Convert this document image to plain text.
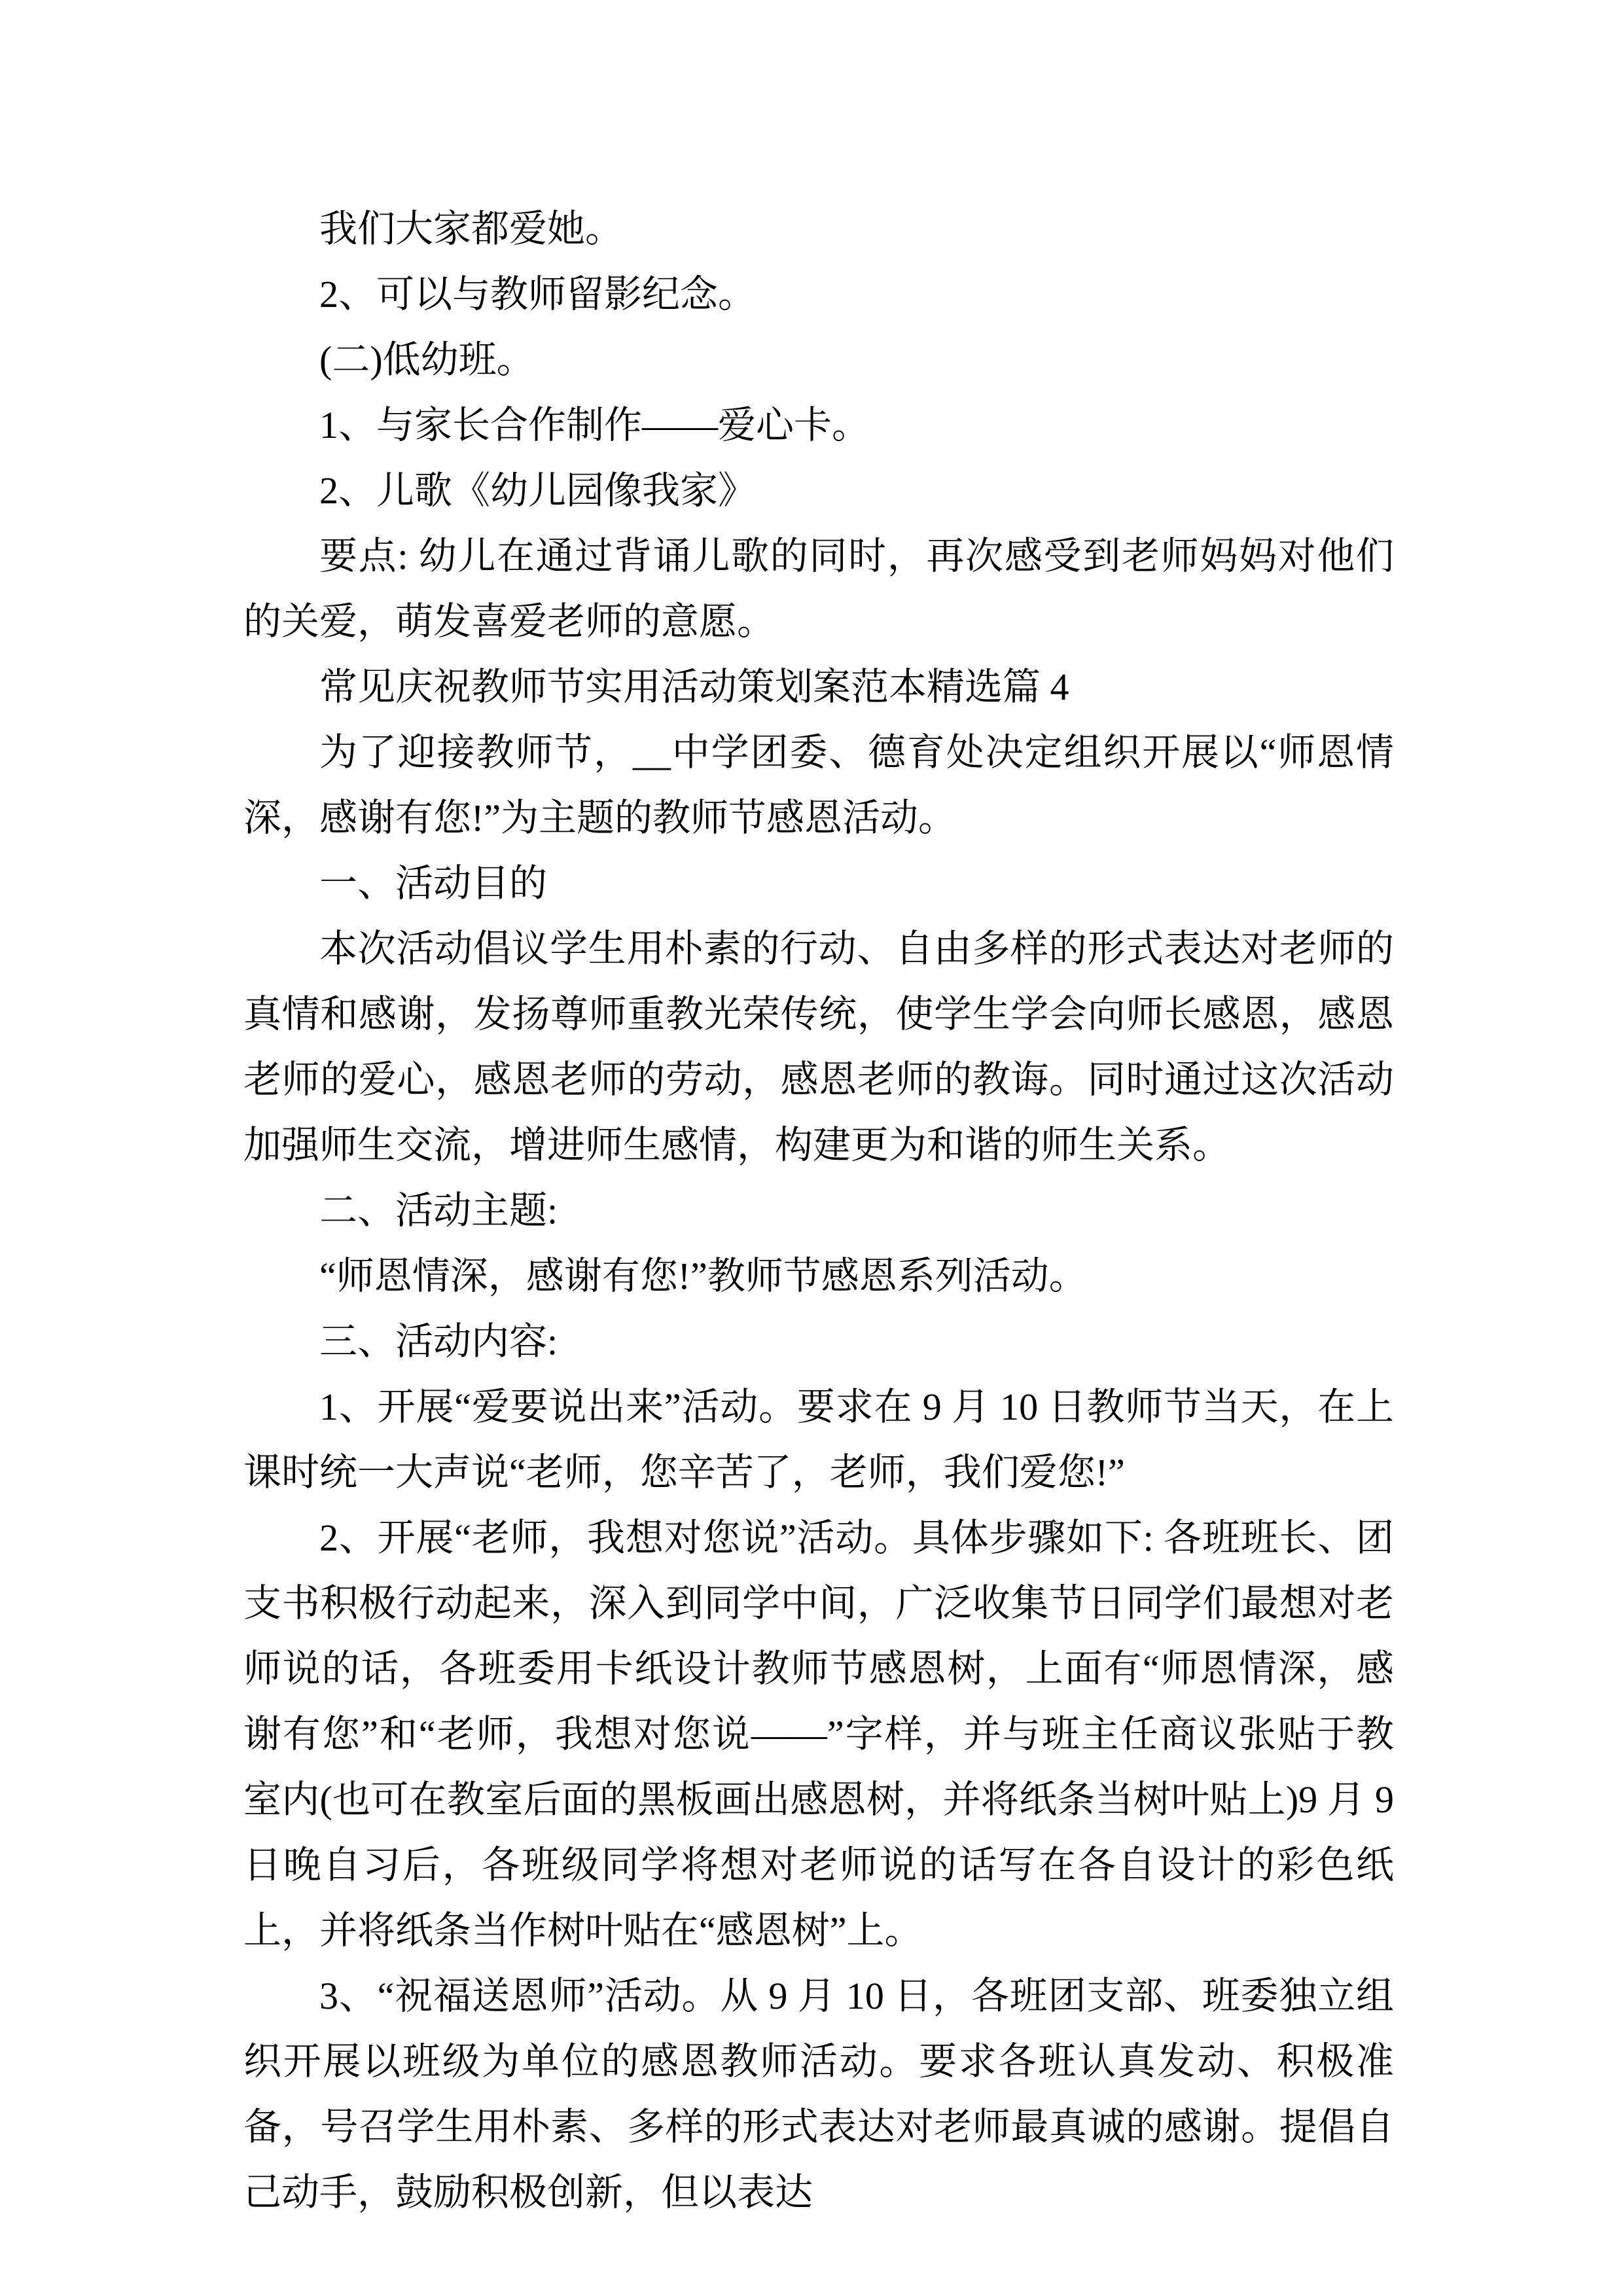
我们大家都爱她。

2、可以与教师留影纪念。

(二)低幼班。

1、与家长合作制作——爱心卡。

2、儿歌《幼儿园像我家》

要点: 幼儿在通过背诵儿歌的同时，再次感受到老师妈妈对他们的关爱，萌发喜爱老师的意愿。

常见庆祝教师节实用活动策划案范本精选篇 4

为了迎接教师节，__中学团委、德育处决定组织开展以“师恩情深，感谢有您!”为主题的教师节感恩活动。

一、活动目的

本次活动倡议学生用朴素的行动、自由多样的形式表达对老师的真情和感谢，发扬尊师重教光荣传统，使学生学会向师长感恩，感恩老师的爱心，感恩老师的劳动，感恩老师的教诲。同时通过这次活动加强师生交流，增进师生感情，构建更为和谐的师生关系。

二、活动主题:

“师恩情深，感谢有您!”教师节感恩系列活动。

三、活动内容:

1、开展“爱要说出来”活动。要求在 9 月 10 日教师节当天，在上课时统一大声说“老师，您辛苦了，老师，我们爱您!”

2、开展“老师，我想对您说”活动。具体步骤如下: 各班班长、团支书积极行动起来，深入到同学中间，广泛收集节日同学们最想对老师说的话，各班委用卡纸设计教师节感恩树，上面有“师恩情深，感谢有您”和“老师，我想对您说——”字样，并与班主任商议张贴于教室内(也可在教室后面的黑板画出感恩树，并将纸条当树叶贴上)9 月 9 日晚自习后，各班级同学将想对老师说的话写在各自设计的彩色纸上，并将纸条当作树叶贴在“感恩树”上。

3、“祝福送恩师”活动。从 9 月 10 日，各班团支部、班委独立组织开展以班级为单位的感恩教师活动。要求各班认真发动、积极准备，号召学生用朴素、多样的形式表达对老师最真诚的感谢。提倡自己动手，鼓励积极创新，但以表达
